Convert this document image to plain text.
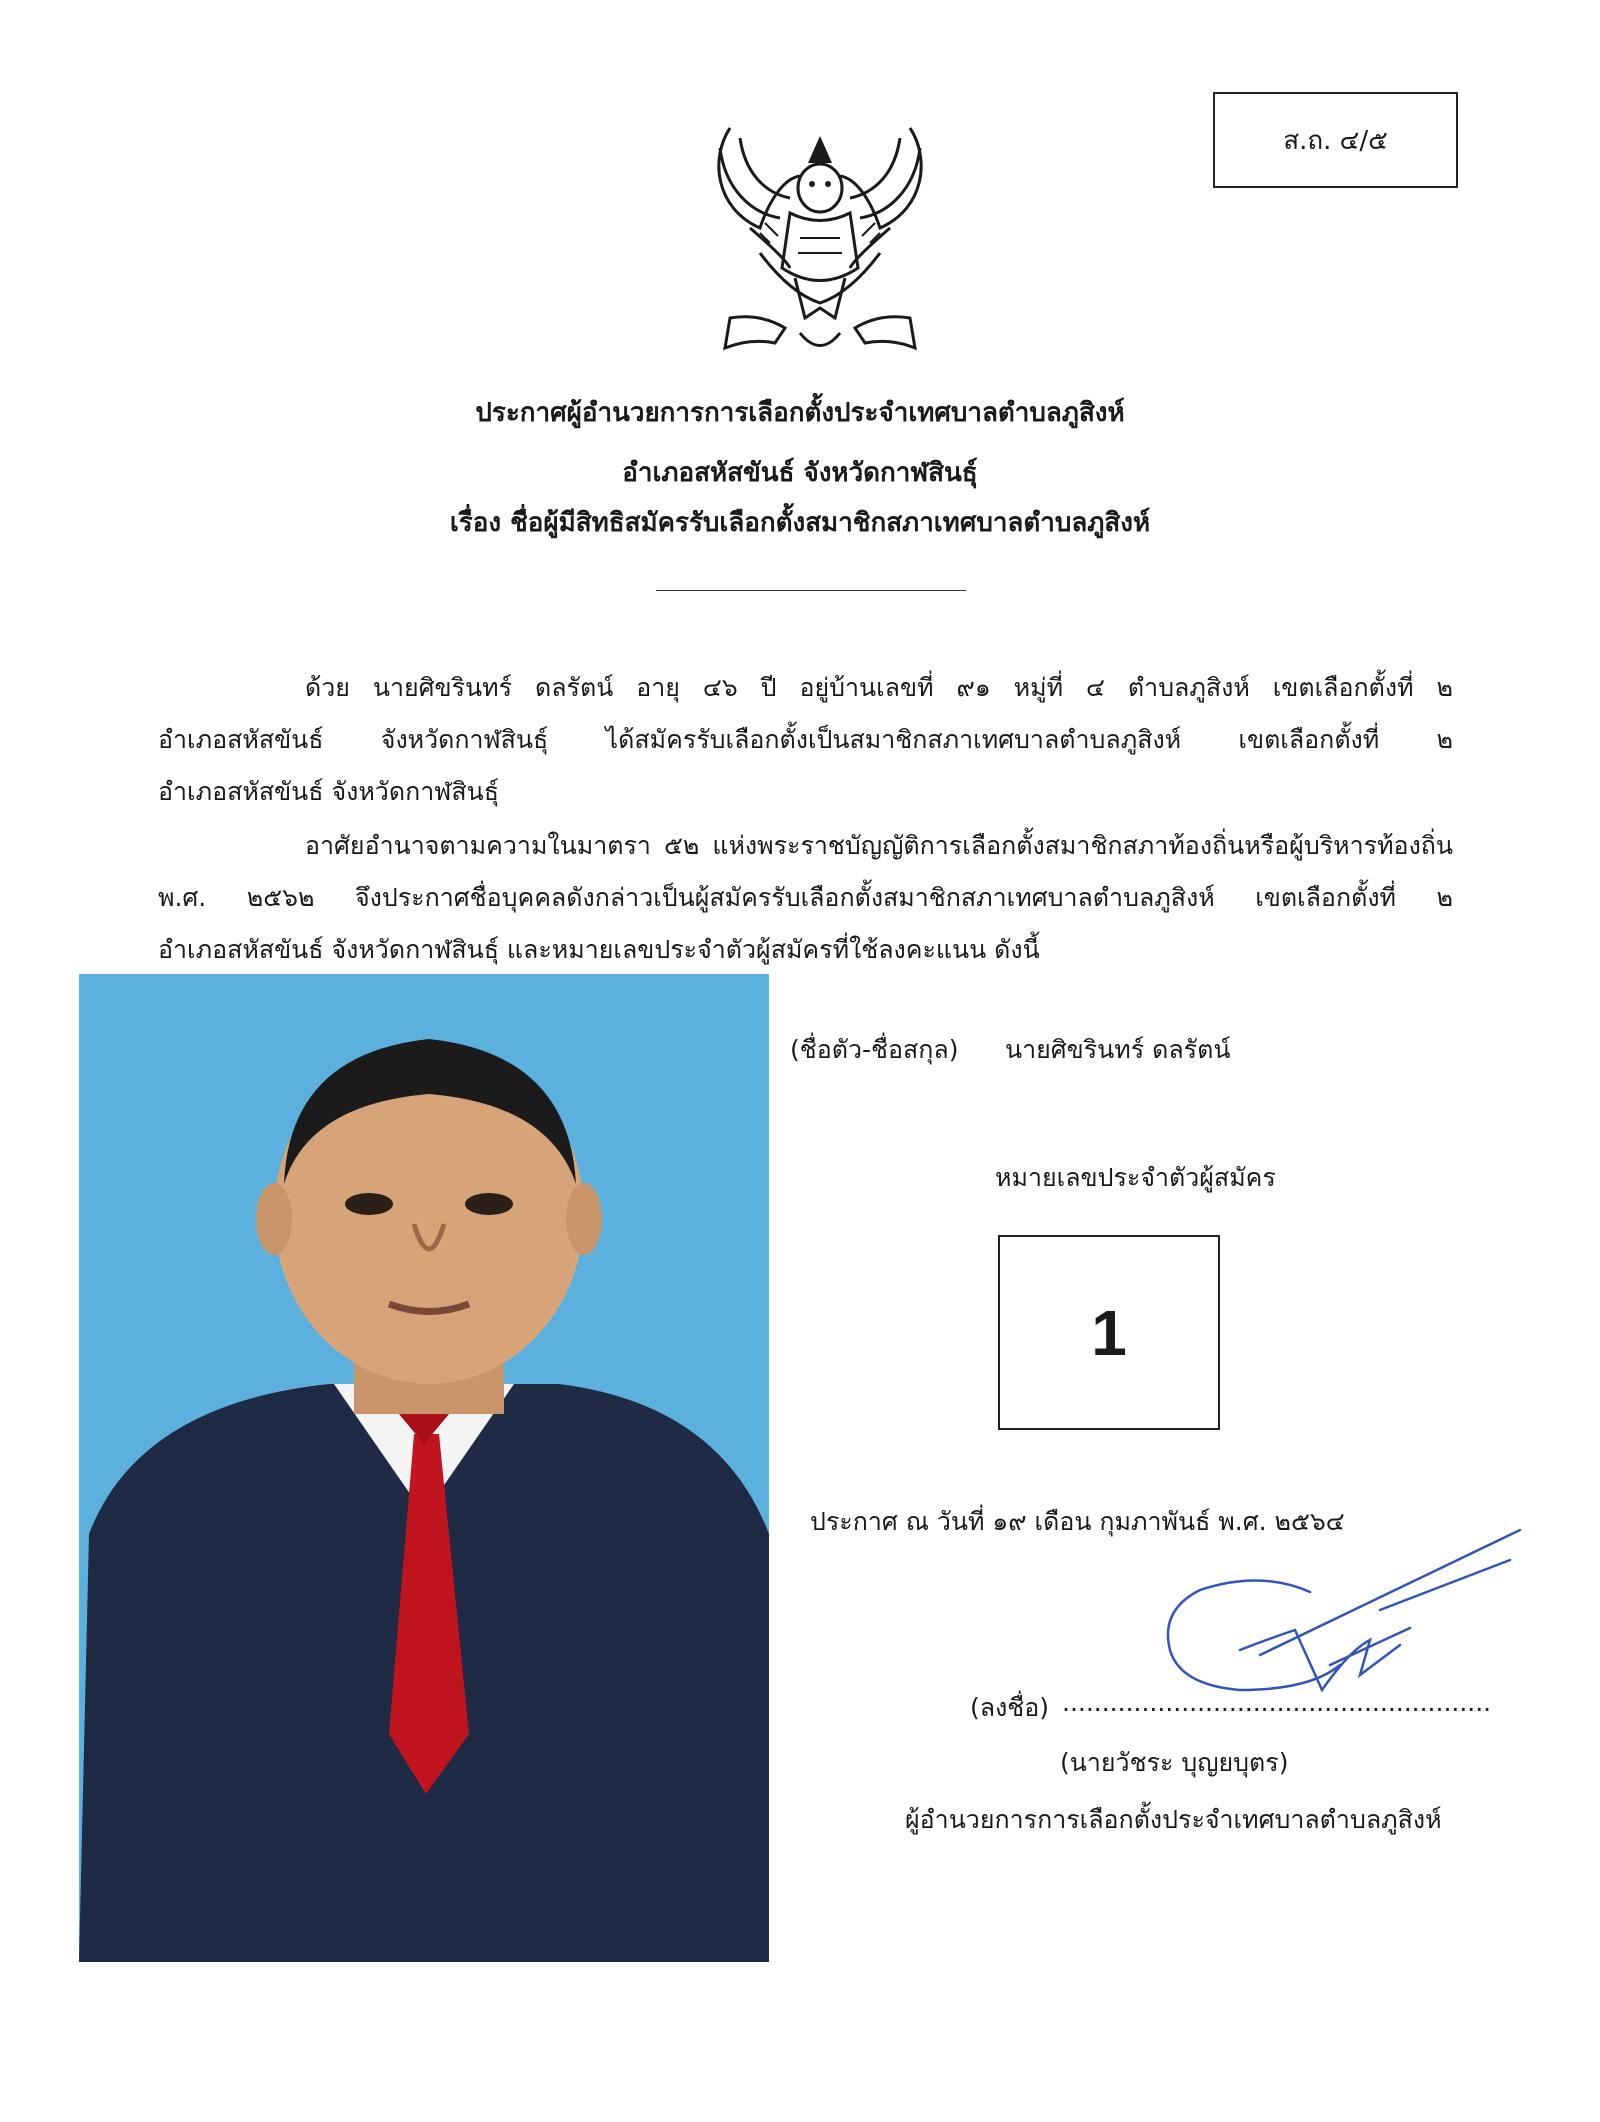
ส.ถ. ๔/๕
ประกาศผู้อำนวยการการเลือกตั้งประจำเทศบาลตำบลภูสิงห์
อำเภอสหัสขันธ์ จังหวัดกาฬสินธุ์
เรื่อง ชื่อผู้มีสิทธิสมัครรับเลือกตั้งสมาชิกสภาเทศบาลตำบลภูสิงห์
ด้วย นายศิขรินทร์ ดลรัตน์ อายุ ๔๖ ปี อยู่บ้านเลขที่ ๙๑ หมู่ที่ ๔ ตำบลภูสิงห์ เขตเลือกตั้งที่ ๒
อำเภอสหัสขันธ์ จังหวัดกาฬสินธุ์ ได้สมัครรับเลือกตั้งเป็นสมาชิกสภาเทศบาลตำบลภูสิงห์ เขตเลือกตั้งที่ ๒
อำเภอสหัสขันธ์ จังหวัดกาฬสินธุ์
อาศัยอำนาจตามความในมาตรา ๕๒ แห่งพระราชบัญญัติการเลือกตั้งสมาชิกสภาท้องถิ่นหรือผู้บริหารท้องถิ่น
พ.ศ. ๒๕๖๒ จึงประกาศชื่อบุคคลดังกล่าวเป็นผู้สมัครรับเลือกตั้งสมาชิกสภาเทศบาลตำบลภูสิงห์ เขตเลือกตั้งที่ ๒
อำเภอสหัสขันธ์ จังหวัดกาฬสินธุ์ และหมายเลขประจำตัวผู้สมัครที่ใช้ลงคะแนน ดังนี้
(ชื่อตัว-ชื่อสกุล) นายศิขรินทร์ ดลรัตน์
หมายเลขประจำตัวผู้สมัคร
1
ประกาศ ณ วันที่ ๑๙ เดือน กุมภาพันธ์ พ.ศ. ๒๕๖๔
(ลงชื่อ) ......................................................
(นายวัชระ บุญยบุตร)
ผู้อำนวยการการเลือกตั้งประจำเทศบาลตำบลภูสิงห์
